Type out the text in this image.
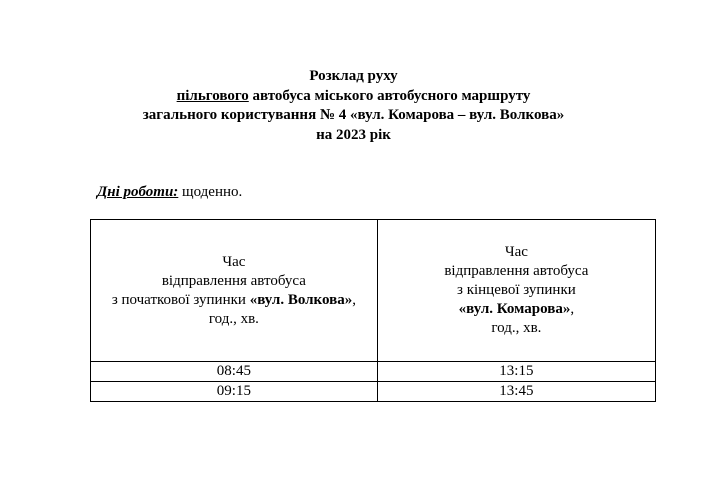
Розклад руху
пільгового автобуса міського автобусного маршруту
загального користування № 4 «вул. Комарова – вул. Волкова»
на 2023 рік
Дні роботи: щоденно.
Час
відправлення автобуса
з початкової зупинки «вул. Волкова»,
год., хв.	Час
відправлення автобуса
з кінцевої зупинки
«вул. Комарова»,
год., хв.

08:45	13:15
09:15	13:45
